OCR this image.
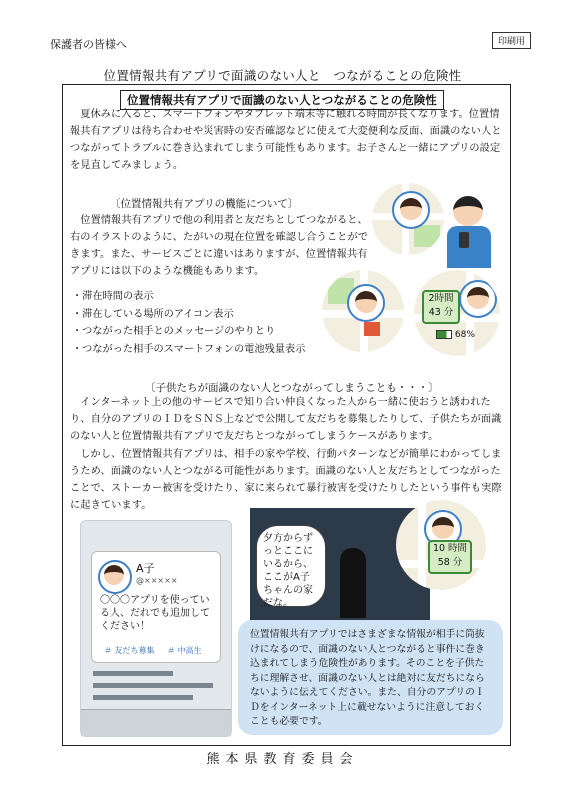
保護者の皆様へ	印刷用
位置情報共有アプリで面識のない人と　つながることの危険性
位置情報共有アプリで面識のない人とつながることの危険性
夏休みに入ると、スマートフォンやタブレット端末等に触れる時間が長くなります。位置情報共有アプリは待ち合わせや災害時の安否確認などに使えて大変便利な反面、面識のない人とつながってトラブルに巻き込まれてしまう可能性もあります。お子さんと一緒にアプリの設定を見直してみましょう。
〔位置情報共有アプリの機能について〕
位置情報共有アプリで他の利用者と友だちとしてつながると、右のイラストのように、たがいの現在位置を確認し合うことができます。また、サービスごとに違いはありますが、位置情報共有アプリには以下のような機能もあります。
・滞在時間の表示
・滞在している場所のアイコン表示
・つながった相手とのメッセージのやりとり
・つながった相手のスマートフォンの電池残量表示
2時間
43 分
68%
〔子供たちが面識のない人とつながってしまうことも・・・〕
インターネット上の他のサービスで知り合い仲良くなった人から一緒に使おうと誘われたり、自分のアプリのＩＤをＳＮＳ上などで公開して友だちを募集したりして、子供たちが面識のない人と位置情報共有アプリで友だちとつながってしまうケースがあります。
しかし、位置情報共有アプリは、相手の家や学校、行動パターンなどが簡単にわかってしまうため、面識のない人とつながる可能性があります。面識のない人と友だちとしてつながったことで、ストーカー被害を受けたり、家に来られて暴行被害を受けたりしたという事件も実際に起きています。
A子
@×××××
〇〇〇アプリを使っている人、だれでも追加してください！
＃ 友だち募集 ＃ 中高生
夕方からずっとここにいるから、ここがA子ちゃんの家だな。
10 時間
58 分
位置情報共有アプリではさまざまな情報が相手に筒抜けになるので、面識のない人とつながると事件に巻き込まれてしまう危険性があります。そのことを子供たちに理解させ、面識のない人とは絶対に友だちにならないように伝えてください。また、自分のアプリのＩＤをインターネット上に載せないように注意しておくことも必要です。
熊本県教育委員会
